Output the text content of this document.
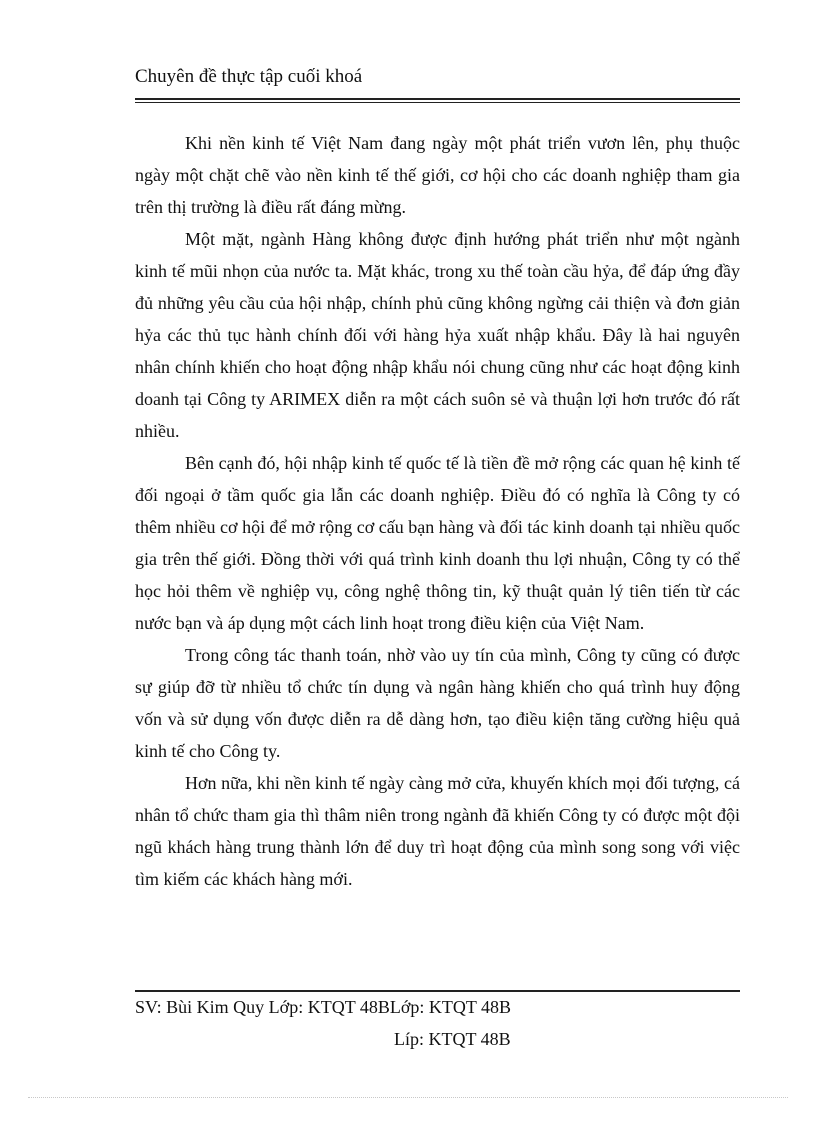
Chuyên đề thực tập cuối khoá

Khi nền kinh tế Việt Nam đang ngày một phát triển vươn lên, phụ thuộc ngày một chặt chẽ vào nền kinh tế thế giới, cơ hội cho các doanh nghiệp tham gia trên thị trường là điều rất đáng mừng.

Một mặt, ngành Hàng không được định hướng phát triển như một ngành kinh tế mũi nhọn của nước ta. Mặt khác, trong xu thế toàn cầu hỷa, để đáp ứng đầy đủ những yêu cầu của hội nhập, chính phủ cũng không ngừng cải thiện và đơn giản hỷa các thủ tục hành chính đối với hàng hỷa xuất nhập khẩu. Đây là hai nguyên nhân chính khiến cho hoạt động nhập khẩu nói chung cũng như các hoạt động kinh doanh tại Công ty ARIMEX diễn ra một cách suôn sẻ và thuận lợi hơn trước đó rất nhiều.

Bên cạnh đó, hội nhập kinh tế quốc tế là tiền đề mở rộng các quan hệ kinh tế đối ngoại ở tầm quốc gia lẫn các doanh nghiệp. Điều đó có nghĩa là Công ty có thêm nhiều cơ hội để mở rộng cơ cấu bạn hàng và đối tác kinh doanh tại nhiều quốc gia trên thế giới. Đồng thời với quá trình kinh doanh thu lợi nhuận, Công ty có thể học hỏi thêm về nghiệp vụ, công nghệ thông tin, kỹ thuật quản lý tiên tiến từ các nước bạn và áp dụng một cách linh hoạt trong điều kiện của Việt Nam.

Trong công tác thanh toán, nhờ vào uy tín của mình, Công ty cũng có được sự giúp đỡ từ nhiều tổ chức tín dụng và ngân hàng khiến cho quá trình huy động vốn và sử dụng vốn được diễn ra dễ dàng hơn, tạo điều kiện tăng cường hiệu quả kinh tế cho Công ty.

Hơn nữa, khi nền kinh tế ngày càng mở cửa, khuyến khích mọi đối tượng, cá nhân tổ chức tham gia thì thâm niên trong ngành đã khiến Công ty có được một đội ngũ khách hàng trung thành lớn để duy trì hoạt động của mình song song với việc tìm kiếm các khách hàng mới.

SV: Bùi Kim Quy Lớp: KTQT 48BLớp: KTQT 48B
Líp: KTQT 48B
